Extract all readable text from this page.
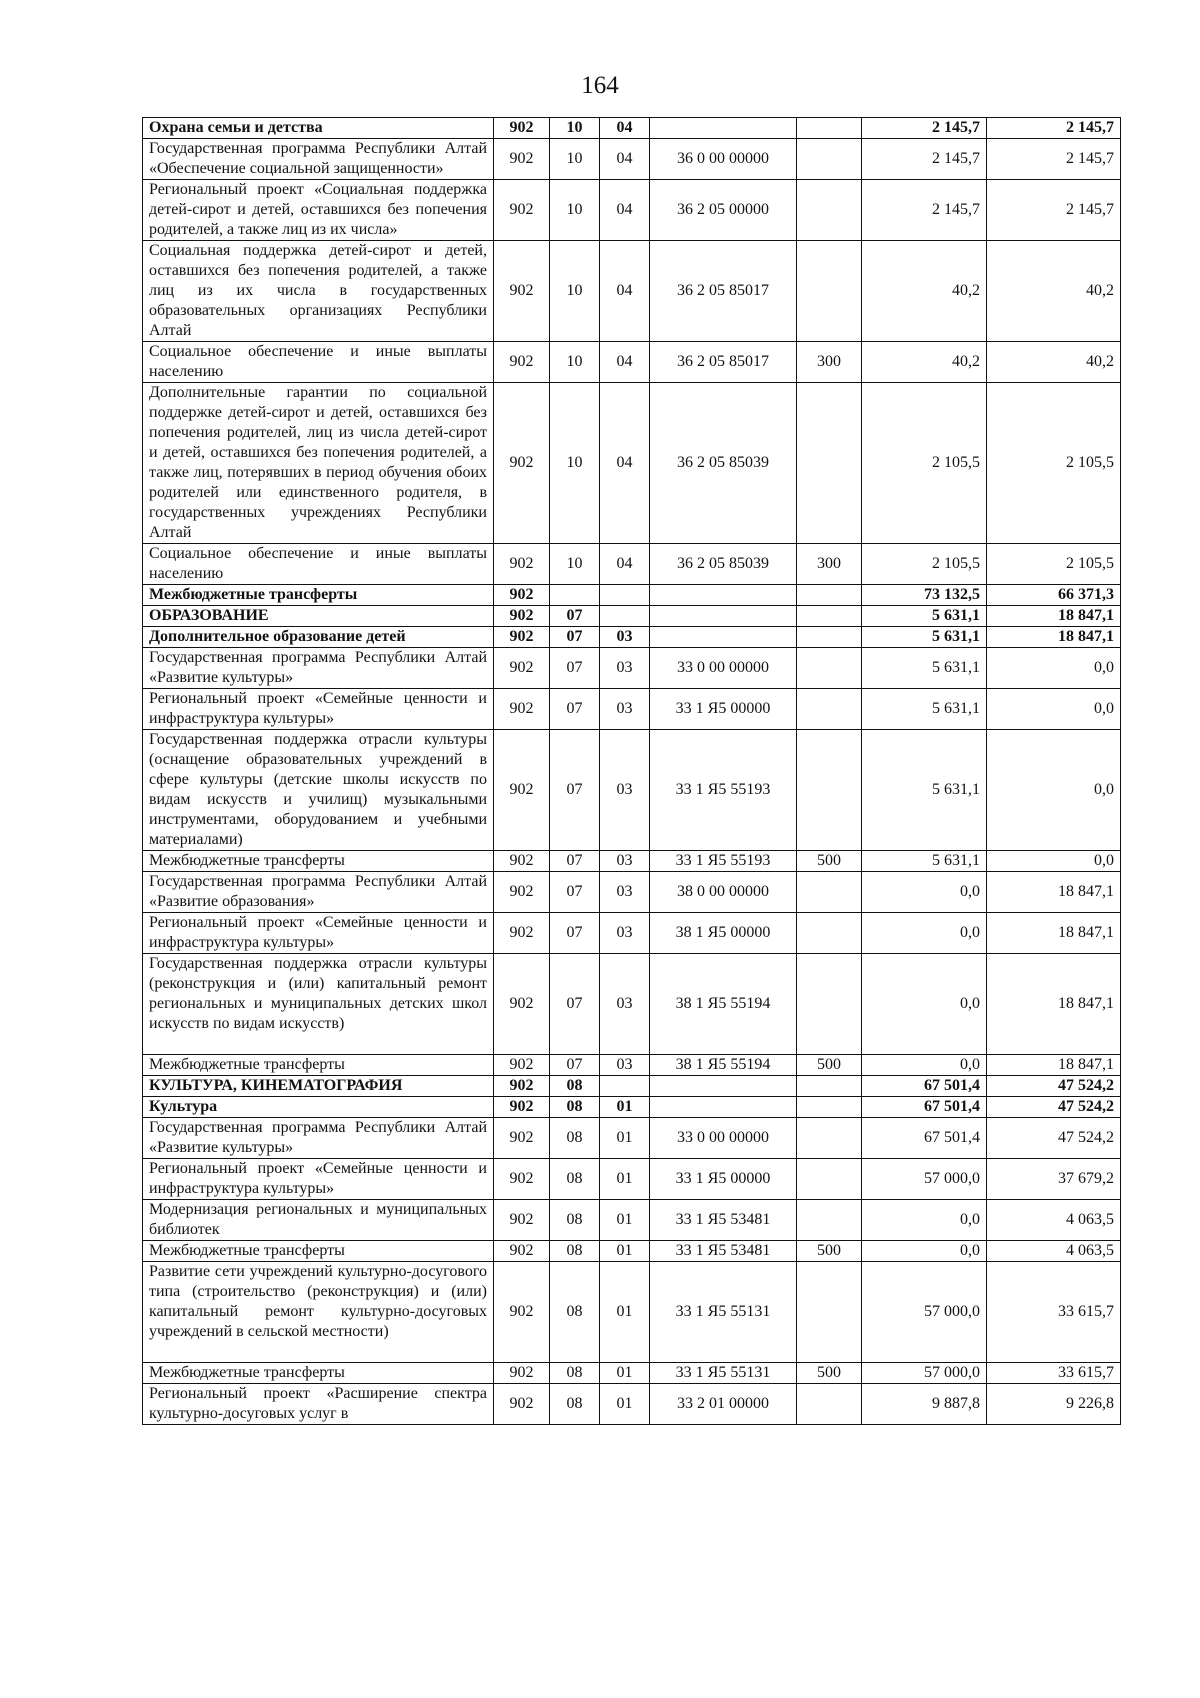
164
Охрана семьи и детства	902	10	04			2 145,7	2 145,7
Государственная программа Республики Алтай «Обеспечение социальной защищенности»	902	10	04	36 0 00 00000		2 145,7	2 145,7
Региональный проект «Социальная поддержка детей-сирот и детей, оставшихся без попечения родителей, а также лиц из их числа»	902	10	04	36 2 05 00000		2 145,7	2 145,7
Социальная поддержка детей-сирот и детей, оставшихся без попечения родителей, а также лиц из их числа в государственных образовательных организациях Республики Алтай	902	10	04	36 2 05 85017		40,2	40,2
Социальное обеспечение и иные выплаты населению	902	10	04	36 2 05 85017	300	40,2	40,2
Дополнительные гарантии по социальной поддержке детей-сирот и детей, оставшихся без попечения родителей, лиц из числа детей-сирот и детей, оставшихся без попечения родителей, а также лиц, потерявших в период обучения обоих родителей или единственного родителя, в государственных учреждениях Республики Алтай	902	10	04	36 2 05 85039		2 105,5	2 105,5
Социальное обеспечение и иные выплаты населению	902	10	04	36 2 05 85039	300	2 105,5	2 105,5
Межбюджетные трансферты	902					73 132,5	66 371,3
ОБРАЗОВАНИЕ	902	07				5 631,1	18 847,1
Дополнительное образование детей	902	07	03			5 631,1	18 847,1
Государственная программа Республики Алтай «Развитие культуры»	902	07	03	33 0 00 00000		5 631,1	0,0
Региональный проект «Семейные ценности и инфраструктура культуры»	902	07	03	33 1 Я5 00000		5 631,1	0,0
Государственная поддержка отрасли культуры (оснащение образовательных учреждений в сфере культуры (детские школы искусств по видам искусств и училищ) музыкальными инструментами, оборудованием и учебными материалами)	902	07	03	33 1 Я5 55193		5 631,1	0,0
Межбюджетные трансферты	902	07	03	33 1 Я5 55193	500	5 631,1	0,0
Государственная программа Республики Алтай «Развитие образования»	902	07	03	38 0 00 00000		0,0	18 847,1
Региональный проект «Семейные ценности и инфраструктура культуры»	902	07	03	38 1 Я5 00000		0,0	18 847,1
Государственная поддержка отрасли культуры (реконструкция и (или) капитальный ремонт региональных и муниципальных детских школ искусств по видам искусств)	902	07	03	38 1 Я5 55194		0,0	18 847,1
Межбюджетные трансферты	902	07	03	38 1 Я5 55194	500	0,0	18 847,1
КУЛЬТУРА, КИНЕМАТОГРАФИЯ	902	08				67 501,4	47 524,2
Культура	902	08	01			67 501,4	47 524,2
Государственная программа Республики Алтай «Развитие культуры»	902	08	01	33 0 00 00000		67 501,4	47 524,2
Региональный проект «Семейные ценности и инфраструктура культуры»	902	08	01	33 1 Я5 00000		57 000,0	37 679,2
Модернизация региональных и муниципальных библиотек	902	08	01	33 1 Я5 53481		0,0	4 063,5
Межбюджетные трансферты	902	08	01	33 1 Я5 53481	500	0,0	4 063,5
Развитие сети учреждений культурно-досугового типа (строительство (реконструкция) и (или) капитальный ремонт культурно-досуговых учреждений в сельской местности)	902	08	01	33 1 Я5 55131		57 000,0	33 615,7
Межбюджетные трансферты	902	08	01	33 1 Я5 55131	500	57 000,0	33 615,7
Региональный проект «Расширение спектра культурно-досуговых услуг в	902	08	01	33 2 01 00000		9 887,8	9 226,8
